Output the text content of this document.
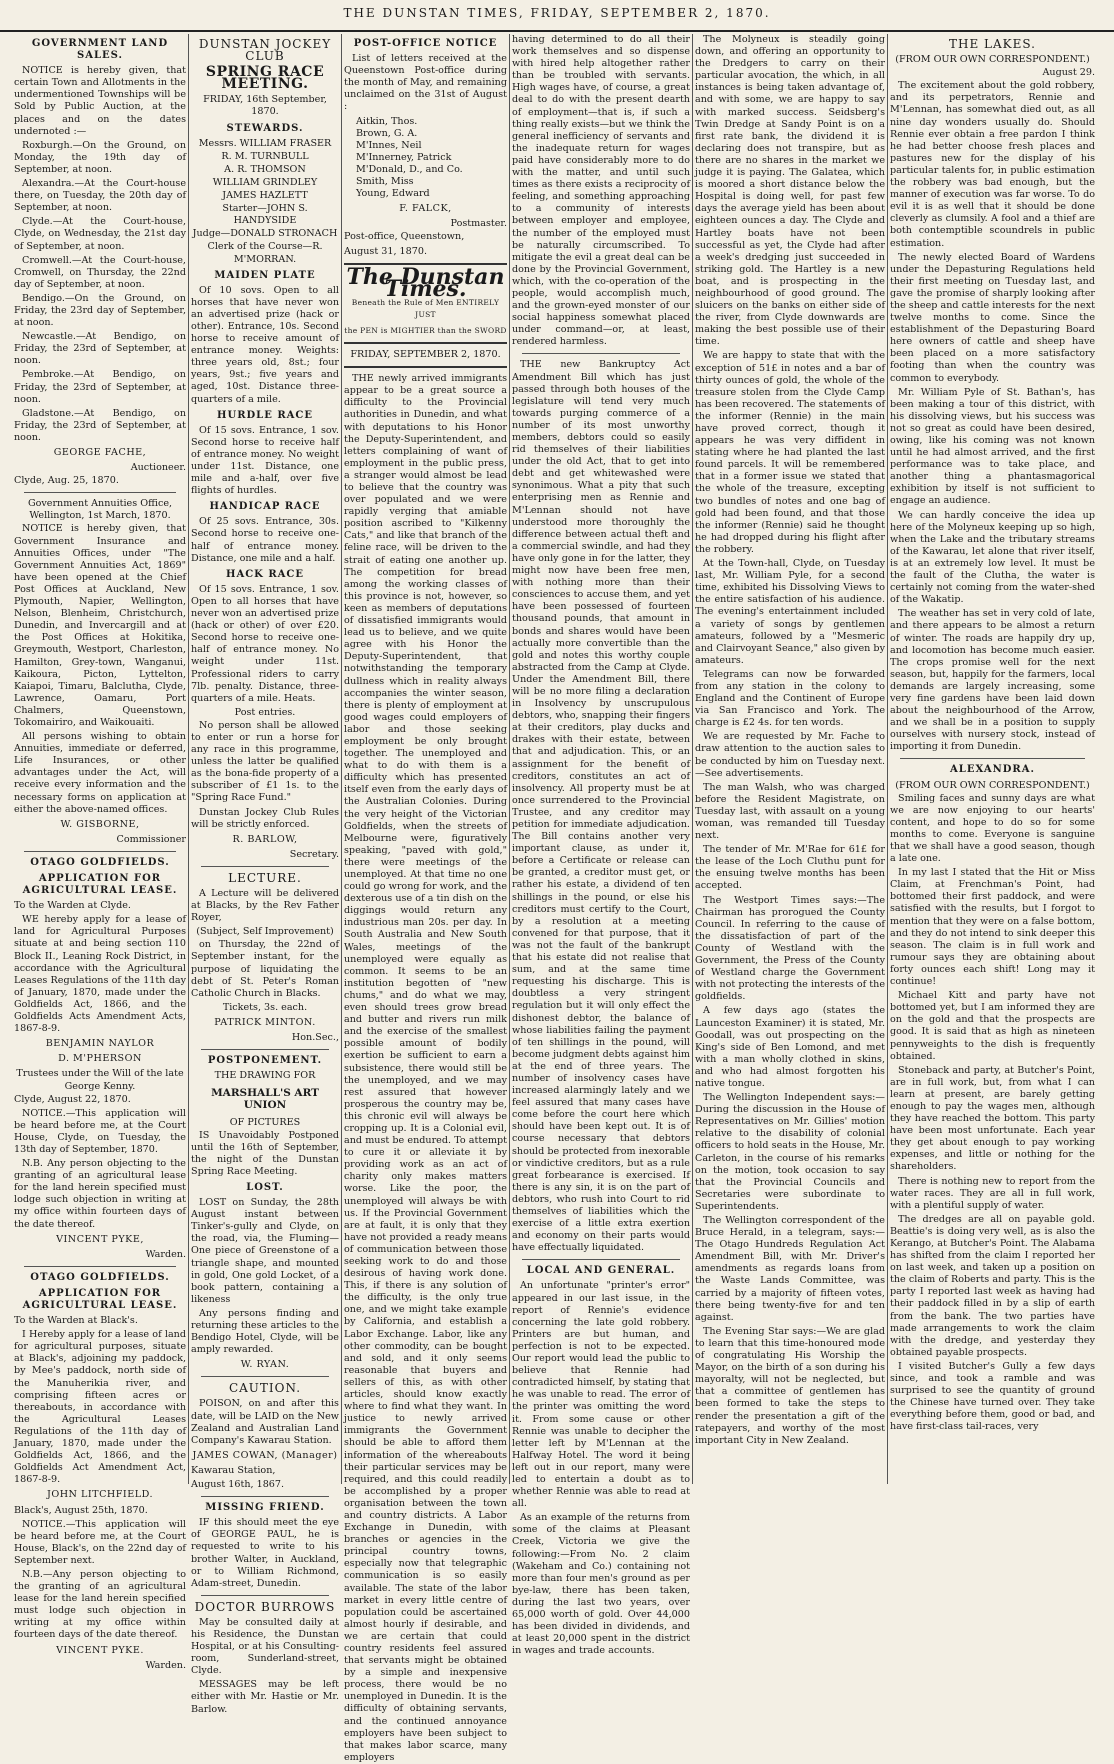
THE DUNSTAN TIMES, FRIDAY, SEPTEMBER 2, 1870.
GOVERNMENT LAND SALES.

NOTICE is hereby given, that certain Town and Allotments in the undermentioned Townships will be Sold by Public Auction, at the places and on the dates undernoted :—

Roxburgh.—On the Ground, on Monday, the 19th day of September, at noon.

Alexandra.—At the Court-house there, on Tuesday, the 20th day of September, at noon.

Clyde.—At the Court-house, Clyde, on Wednesday, the 21st day of September, at noon.

Cromwell.—At the Court-house, Cromwell, on Thursday, the 22nd day of September, at noon.

Bendigo.—On the Ground, on Friday, the 23rd day of September, at noon.

Newcastle.—At Bendigo, on Friday, the 23rd of September, at noon.

Pembroke.—At Bendigo, on Friday, the 23rd of September, at noon.

Gladstone.—At Bendigo, on Friday, the 23rd of September, at noon.

GEORGE FACHE,
Auctioneer.
Clyde, Aug. 25, 1870.
Government Annuities Office, Wellington, 1st March, 1870.

NOTICE is hereby given, that Government Insurance and Annuities Offices, under "The Government Annuities Act, 1869" have been opened at the Chief Post Offices at Auckland, New Plymouth, Napier, Wellington, Nelson, Blenheim, Christchurch, Dunedin, and Invercargill and at the Post Offices at Hokitika, Greymouth, Westport, Charleston, Hamilton, Grey-town, Wanganui, Kaikoura, Picton, Lyttelton, Kaiapoi, Timaru, Balclutha, Clyde, Lawrence, Oamaru, Port Chalmers, Queenstown, Tokomairiro, and Waikouaiti.

All persons wishing to obtain Annuities, immediate or deferred, Life Insurances, or other advantages under the Act, will receive every information and the necessary forms on application at either the above-named offices.

W. GISBORNE,
Commissioner
OTAGO GOLDFIELDS.
APPLICATION FOR AGRICULTURAL LEASE.
To the Warden at Clyde.

WE hereby apply for a lease of land for Agricultural Purposes situate at and being section 110 Block II., Leaning Rock District, in accordance with the Agricultural Leases Regulations of the 11th day of January, 1870, made under the Goldfields Act, 1866, and the Goldfields Acts Amendment Acts, 1867-8-9.

BENJAMIN NAYLOR
D. M'PHERSON
Trustees under the Will of the late George Kenny.
Clyde, August 22, 1870.

NOTICE.—This application will be heard before me, at the Court House, Clyde, on Tuesday, the 13th day of September, 1870.

N.B. Any person objecting to the granting of an agricultural lease for the land herein specified must lodge such objection in writing at my office within fourteen days of the date thereof.

VINCENT PYKE,
Warden.
OTAGO GOLDFIELDS.
APPLICATION FOR AGRICULTURAL LEASE.
To the Warden at Black's.

I Hereby apply for a lease of land for agricultural purposes, situate at Black's, adjoining my paddock, by Mee's paddock, north side of the Manuherikia river, and comprising fifteen acres or thereabouts, in accordance with the Agricultural Leases Regulations of the 11th day of January, 1870, made under the Goldfields Act, 1866, and the Goldfields Act Amendment Act, 1867-8-9.

JOHN LITCHFIELD.
Black's, August 25th, 1870.

NOTICE.—This application will be heard before me, at the Court House, Black's, on the 22nd day of September next.

N.B.—Any person objecting to the granting of an agricultural lease for the land herein specified must lodge such objection in writing at my office within fourteen days of the date thereof.

VINCENT PYKE.
Warden.
DUNSTAN JOCKEY CLUB
SPRING RACE MEETING.
FRIDAY, 16th September, 1870.
STEWARDS.
Messrs. WILLIAM FRASER
R. M. TURNBULL
A. R. THOMSON
WILLIAM GRINDLEY
JAMES HAZLETT
Starter—JOHN S. HANDYSIDE
Judge—DONALD STRONACH
Clerk of the Course—R. M'MORRAN.
MAIDEN PLATE

Of 10 sovs. Open to all horses that have never won an advertised prize (hack or other). Entrance, 10s. Second horse to receive amount of entrance money. Weights: three years old, 8st.; four years, 9st.; five years and aged, 10st. Distance three-quarters of a mile.

HURDLE RACE

Of 15 sovs. Entrance, 1 sov. Second horse to receive half of entrance money. No weight under 11st. Distance, one mile and a-half, over five flights of hurdles.

HANDICAP RACE

Of 25 sovs. Entrance, 30s. Second horse to receive one-half of entrance money. Distance, one mile and a half.

HACK RACE

Of 15 sovs. Entrance, 1 sov. Open to all horses that have never won an advertised prize (hack or other) of over £20. Second horse to receive one-half of entrance money. No weight under 11st. Professional riders to carry 7lb. penalty. Distance, three-quarters of a mile. Heats.

Post entries.

No person shall be allowed to enter or run a horse for any race in this programme, unless the latter be qualified as the bona-fide property of a subscriber of £1 1s. to the "Spring Race Fund."

Dunstan Jockey Club Rules will be strictly enforced.

R. BARLOW,
Secretary.
LECTURE.

A Lecture will be delivered at Blacks, by the Rev Father Royer,

(Subject, Self Improvement)

on Thursday, the 22nd of September instant, for the purpose of liquidating the debt of St. Peter's Roman Catholic Church in Blacks.

Tickets, 3s. each.
PATRICK MINTON.
Hon.Sec.,
POSTPONEMENT.
THE DRAWING FOR
MARSHALL'S ART UNION
OF PICTURES

IS Unavoidably Postponed until the 16th of September, the night of the Dunstan Spring Race Meeting.

LOST.

LOST on Sunday, the 28th August instant between Tinker's-gully and Clyde, on the road, via, the Fluming—One piece of Greenstone of a triangle shape, and mounted in gold, One gold Locket, of a book pattern, containing a likeness

Any persons finding and returning these articles to the Bendigo Hotel, Clyde, will be amply rewarded.

W. RYAN.
CAUTION.

POISON, on and after this date, will be LAID on the New Zealand and Australian Land Company's Kawarau Station.

JAMES COWAN, (Manager)
Kawarau Station,
August 16th, 1867.
MISSING FRIEND.

IF this should meet the eye of GEORGE PAUL, he is requested to write to his brother Walter, in Auckland, or to William Richmond, Adam-street, Dunedin.

DOCTOR BURROWS

May be consulted daily at his Residence, the Dunstan Hospital, or at his Consulting-room, Sunderland-street, Clyde.

MESSAGES may be left either with Mr. Hastie or Mr. Barlow.

POST-OFFICE NOTICE

List of letters received at the Queenstown Post-office during the month of May, and remaining unclaimed on the 31st of August :

Aitkin, Thos.
Brown, G. A.
M'Innes, Neil
M'Innerney, Patrick
M'Donald, D., and Co.
Smith, Miss
Young, Edward
F. FALCK,
Postmaster.
Post-office, Queenstown,
August 31, 1870.
The Dunstan Times.
Beneath the Rule of Men ENTIRELY JUST
the PEN is MIGHTIER than the SWORD
FRIDAY, SEPTEMBER 2, 1870.

THE newly arrived immigrants appear to be a great source a difficulty to the Provincial authorities in Dunedin, and what with deputations to his Honor the Deputy-Superintendent, and letters complaining of want of employment in the public press, a stranger would almost be lead to believe that the country was over populated and we were rapidly verging that amiable position ascribed to "Kilkenny Cats," and like that branch of the feline race, will be driven to the strait of eating one another up. The competition for bread among the working classes of this province is not, however, so keen as members of deputations of dissatisfied immigrants would lead us to believe, and we quite agree with his Honor the Deputy-Superintendent, that notwithstanding the temporary dullness which in reality always accompanies the winter season, there is plenty of employment at good wages could employers of labor and those seeking employment be only brought together. The unemployed and what to do with them is a difficulty which has presented itself even from the early days of the Australian Colonies. During the very height of the Victorian Goldfields, when the streets of Melbourne were, figuratively speaking, "paved with gold," there were meetings of the unemployed. At that time no one could go wrong for work, and the dexterous use of a tin dish on the diggings would return any industrious man 20s. per day. In South Australia and New South Wales, meetings of the unemployed were equally as common. It seems to be an institution begotten of "new chums," and do what we may, even should trees grow bread and butter and rivers run milk and the exercise of the smallest possible amount of bodily exertion be sufficient to earn a subsistence, there would still be the unemployed, and we may rest assured that however prosperous the country may be, this chronic evil will always be cropping up. It is a Colonial evil, and must be endured. To attempt to cure it or alleviate it by providing work as an act of charity only makes matters worse. Like the poor, the unemployed will always be with us. If the Provincial Government are at fault, it is only that they have not provided a ready means of communication between those seeking work to do and those desirous of having work done. This, if there is any solution of the difficulty, is the only true one, and we might take example by California, and establish a Labor Exchange. Labor, like any other commodity, can be bought and sold, and it only seems reasonable that buyers and sellers of this, as with other articles, should know exactly where to find what they want. In justice to newly arrived immigrants the Government should be able to afford them information of the whereabouts their particular services may be required, and this could readily be accomplished by a proper organisation between the town and country districts. A Labor Exchange in Dunedin, with branches or agencies in the principal country towns, especially now that telegraphic communication is so easily available. The state of the labor market in every little centre of population could be ascertained almost hourly if desirable, and we are certain that could country residents feel assured that servants might be obtained by a simple and inexpensive process, there would be no unemployed in Dunedin. It is the difficulty of obtaining servants, and the continued annoyance employers have been subject to that makes labor scarce, many employers

having determined to do all their work themselves and so dispense with hired help altogether rather than be troubled with servants. High wages have, of course, a great deal to do with the present dearth of employment—that is, if such a thing really exists—but we think the general inefficiency of servants and the inadequate return for wages paid have considerably more to do with the matter, and until such times as there exists a reciprocity of feeling, and something approaching to a community of interests between employer and employee, the number of the employed must be naturally circumscribed. To mitigate the evil a great deal can be done by the Provincial Government, which, with the co-operation of the people, would accomplish much, and the grown-eyed monster of our social happiness somewhat placed under command—or, at least, rendered harmless.

THE new Bankruptcy Act Amendment Bill which has just passed through both houses of the legislature will tend very much towards purging commerce of a number of its most unworthy members, debtors could so easily rid themselves of their liabilities under the old Act, that to get into debt and get whitewashed were synonimous. What a pity that such enterprising men as Rennie and M'Lennan should not have understood more thoroughly the difference between actual theft and a commercial swindle, and had they have only gone in for the latter, they might now have been free men, with nothing more than their consciences to accuse them, and yet have been possessed of fourteen thousand pounds, that amount in bonds and shares would have been actually more convertible than the gold and notes this worthy couple abstracted from the Camp at Clyde. Under the Amendment Bill, there will be no more filing a declaration in Insolvency by unscrupulous debtors, who, snapping their fingers at their creditors, play ducks and drakes with their estate, between that and adjudication. This, or an assignment for the benefit of creditors, constitutes an act of insolvency. All property must be at once surrendered to the Provincial Trustee, and any creditor may petition for immediate adjudication. The Bill contains another very important clause, as under it, before a Certificate or release can be granted, a creditor must get, or rather his estate, a dividend of ten shillings in the pound, or else his creditors must certify to the Court, by a resolution at a meeting convened for that purpose, that it was not the fault of the bankrupt that his estate did not realise that sum, and at the same time requesting his discharge. This is doubtless a very stringent regulation but it will only effect the dishonest debtor, the balance of whose liabilities failing the payment of ten shillings in the pound, will become judgment debts against him at the end of three years. The number of insolvency cases have increased alarmingly lately and we feel assured that many cases have come before the court here which should have been kept out. It is of course necessary that debtors should be protected from inexorable or vindictive creditors, but as a rule great forbearance is exercised. If there is any sin, it is on the part of debtors, who rush into Court to rid themselves of liabilities which the exercise of a little extra exertion and economy on their parts would have effectually liquidated.

LOCAL AND GENERAL.

An unfortunate "printer's error" appeared in our last issue, in the report of Rennie's evidence concerning the late gold robbery. Printers are but human, and perfection is not to be expected. Our report would lead the public to believe that Rennie had contradicted himself, by stating that he was unable to read. The error of the printer was omitting the word it. From some cause or other Rennie was unable to decipher the letter left by M'Lennan at the Halfway Hotel. The word it being left out in our report, many were led to entertain a doubt as to whether Rennie was able to read at all.

As an example of the returns from some of the claims at Pleasant Creek, Victoria we give the following:—From No. 2 claim (Wakeham and Co.) containing not more than four men's ground as per bye-law, there has been taken, during the last two years, over 65,000 worth of gold. Over 44,000 has been divided in dividends, and at least 20,000 spent in the district in wages and trade accounts.

The Molyneux is steadily going down, and offering an opportunity to the Dredgers to carry on their particular avocation, the which, in all instances is being taken advantage of, and with some, we are happy to say with marked success. Seidsberg's Twin Dredge at Sandy Point is on a first rate bank, the dividend it is declaring does not transpire, but as there are no shares in the market we judge it is paying. The Galatea, which is moored a short distance below the Hospital is doing well, for past few days the average yield has been about eighteen ounces a day. The Clyde and Hartley boats have not been successful as yet, the Clyde had after a week's dredging just succeeded in striking gold. The Hartley is a new boat, and is prospecting in the neighbourhood of good ground. The sluicers on the banks on either side of the river, from Clyde downwards are making the best possible use of their time.

We are happy to state that with the exception of 51£ in notes and a bar of thirty ounces of gold, the whole of the treasure stolen from the Clyde Camp has been recovered. The statements of the informer (Rennie) in the main have proved correct, though it appears he was very diffident in stating where he had planted the last found parcels. It will be remembered that in a former issue we stated that the whole of the treasure, excepting two bundles of notes and one bag of gold had been found, and that those the informer (Rennie) said he thought he had dropped during his flight after the robbery.

At the Town-hall, Clyde, on Tuesday last, Mr. William Pyle, for a second time, exhibited his Dissolving Views to the entire satisfaction of his audience. The evening's entertainment included a variety of songs by gentlemen amateurs, followed by a "Mesmeric and Clairvoyant Seance," also given by amateurs.

Telegrams can now be forwarded from any station in the colony to England and the Continent of Europe via San Francisco and York. The charge is £2 4s. for ten words.

We are requested by Mr. Fache to draw attention to the auction sales to be conducted by him on Tuesday next.—See advertisements.

The man Walsh, who was charged before the Resident Magistrate, on Tuesday last, with assault on a young woman, was remanded till Tuesday next.

The tender of Mr. M'Rae for 61£ for the lease of the Loch Cluthu punt for the ensuing twelve months has been accepted.

The Westport Times says:—The Chairman has prorogued the County Council. In referring to the cause of the dissatisfaction of part of the County of Westland with the Government, the Press of the County of Westland charge the Government with not protecting the interests of the goldfields.

A few days ago (states the Launceston Examiner) it is stated, Mr. Goodall, was out prospecting on the King's side of Ben Lomond, and met with a man wholly clothed in skins, and who had almost forgotten his native tongue.

The Wellington Independent says:—During the discussion in the House of Representatives on Mr. Gillies' motion relative to the disability of colonial officers to hold seats in the House, Mr. Carleton, in the course of his remarks on the motion, took occasion to say that the Provincial Councils and Secretaries were subordinate to Superintendents.

The Wellington correspondent of the Bruce Herald, in a telegram, says:—The Otago Hundreds Regulation Act Amendment Bill, with Mr. Driver's amendments as regards loans from the Waste Lands Committee, was carried by a majority of fifteen votes, there being twenty-five for and ten against.

The Evening Star says:—We are glad to learn that this time-honoured mode of congratulating His Worship the Mayor, on the birth of a son during his mayoralty, will not be neglected, but that a committee of gentlemen has been formed to take the steps to render the presentation a gift of the ratepayers, and worthy of the most important City in New Zealand.

THE LAKES.
(FROM OUR OWN CORRESPONDENT.)
August 29.

The excitement about the gold robbery, and its perpetrators, Rennie and M'Lennan, has somewhat died out, as all nine day wonders usually do. Should Rennie ever obtain a free pardon I think he had better choose fresh places and pastures new for the display of his particular talents for, in public estimation the robbery was bad enough, but the manner of execution was far worse. To do evil it is as well that it should be done cleverly as clumsily. A fool and a thief are both contemptible scoundrels in public estimation.

The newly elected Board of Wardens under the Depasturing Regulations held their first meeting on Tuesday last, and gave the promise of sharply looking after the sheep and cattle interests for the next twelve months to come. Since the establishment of the Depasturing Board here owners of cattle and sheep have been placed on a more satisfactory footing than when the country was common to everybody.

Mr. William Pyle of St. Bathan's, has been making a tour of this district, with his dissolving views, but his success was not so great as could have been desired, owing, like his coming was not known until he had almost arrived, and the first performance was to take place, and another thing a phantasmagorical exhibition by itself is not sufficient to engage an audience.

We can hardly conceive the idea up here of the Molyneux keeping up so high, when the Lake and the tributary streams of the Kawarau, let alone that river itself, is at an extremely low level. It must be the fault of the Clutha, the water is certainly not coming from the water-shed of the Wakatip.

The weather has set in very cold of late, and there appears to be almost a return of winter. The roads are happily dry up, and locomotion has become much easier. The crops promise well for the next season, but, happily for the farmers, local demands are largely increasing, some very fine gardens have been laid down about the neighbourhood of the Arrow, and we shall be in a position to supply ourselves with nursery stock, instead of importing it from Dunedin.

ALEXANDRA.
(FROM OUR OWN CORRESPONDENT.)

Smiling faces and sunny days are what we are now enjoying to our hearts' content, and hope to do so for some months to come. Everyone is sanguine that we shall have a good season, though a late one.

In my last I stated that the Hit or Miss Claim, at Frenchman's Point, had bottomed their first paddock, and were satisfied with the results, but I forgot to mention that they were on a false bottom, and they do not intend to sink deeper this season. The claim is in full work and rumour says they are obtaining about forty ounces each shift! Long may it continue!

Michael Kitt and party have not bottomed yet, but I am informed they are on the gold and that the prospects are good. It is said that as high as nineteen pennyweights to the dish is frequently obtained.

Stoneback and party, at Butcher's Point, are in full work, but, from what I can learn at present, are barely getting enough to pay the wages men, although they have reached the bottom. This party have been most unfortunate. Each year they get about enough to pay working expenses, and little or nothing for the shareholders.

There is nothing new to report from the water races. They are all in full work, with a plentiful supply of water.

The dredges are all on payable gold. Beattie's is doing very well, as is also the Kerango, at Butcher's Point. The Alabama has shifted from the claim I reported her on last week, and taken up a position on the claim of Roberts and party. This is the party I reported last week as having had their paddock filled in by a slip of earth from the bank. The two parties have made arrangements to work the claim with the dredge, and yesterday they obtained payable prospects.

I visited Butcher's Gully a few days since, and took a ramble and was surprised to see the quantity of ground the Chinese have turned over. They take everything before them, good or bad, and have first-class tail-races, very
